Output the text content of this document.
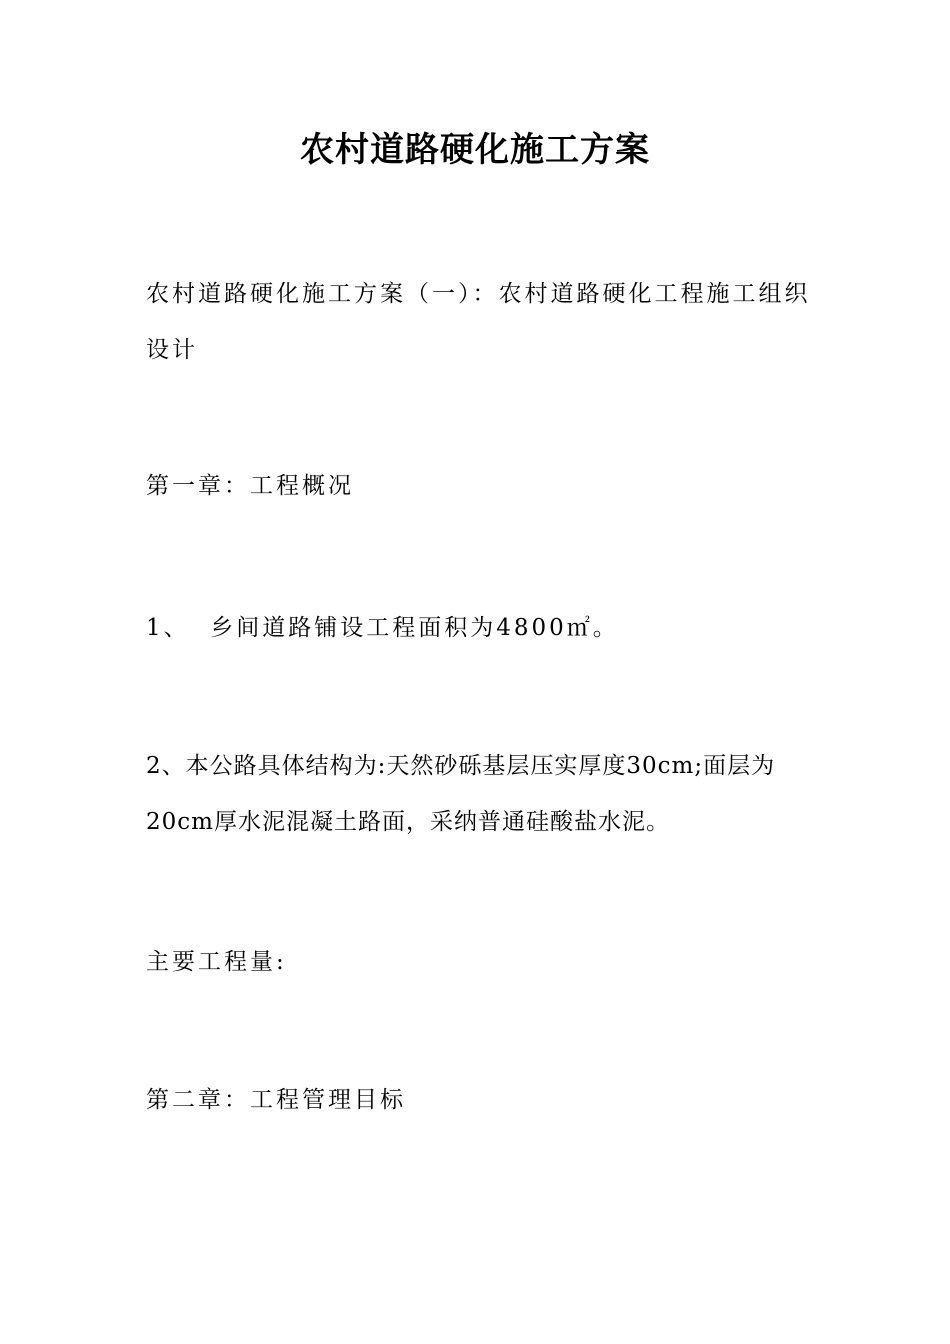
农村道路硬化施工方案

农村道路硬化施工方案（一）：农村道路硬化工程施工组织设计

第一章：工程概况

1、  乡间道路铺设工程面积为4800㎡。

2、本公路具体结构为:天然砂砾基层压实厚度30cm;面层为20cm厚水泥混凝土路面，采纳普通硅酸盐水泥。

主要工程量:

第二章：工程管理目标
